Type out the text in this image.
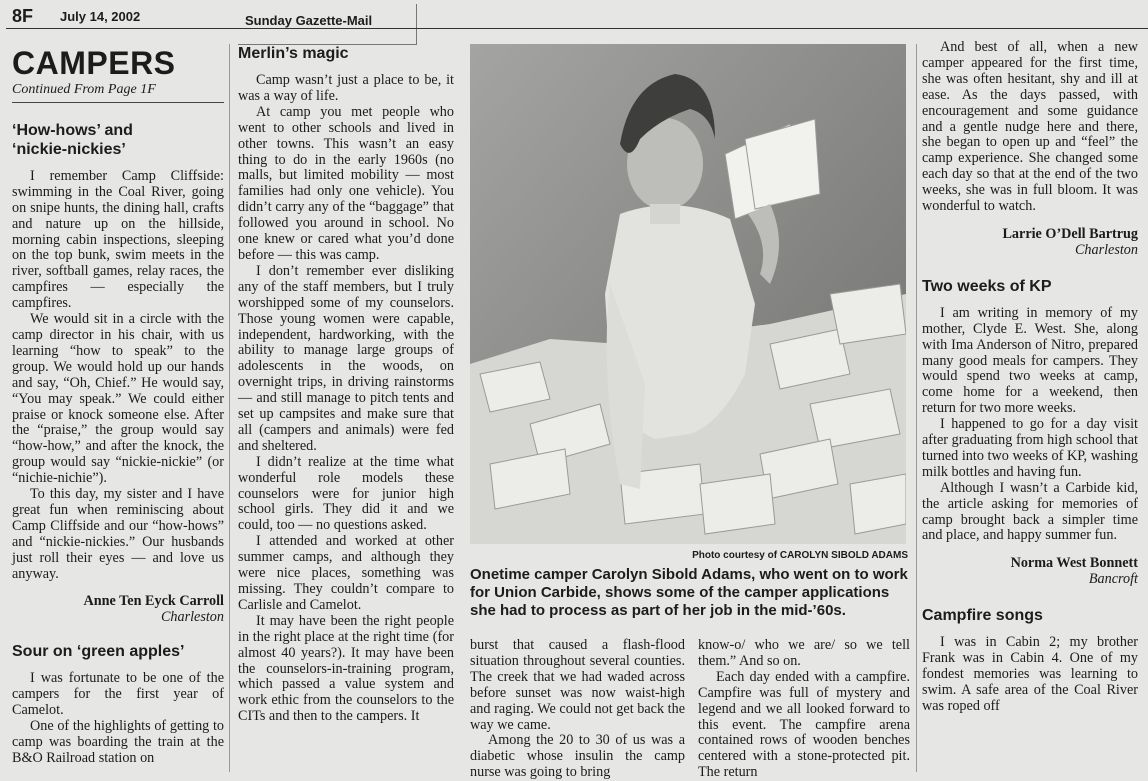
8F July 14, 2002	Sunday Gazette-Mail
CAMPERS
Continued From Page 1F
‘How-hows’ and
‘nickie-nickies’

I remember Camp Cliffside: swimming in the Coal River, going on snipe hunts, the dining hall, crafts and nature up on the hillside, morning cabin inspections, sleeping on the top bunk, swim meets in the river, softball games, relay races, the campfires — especially the campfires.

We would sit in a circle with the camp director in his chair, with us learning “how to speak” to the group. We would hold up our hands and say, “Oh, Chief.” He would say, “You may speak.” We could either praise or knock someone else. After the “praise,” the group would say “how-how,” and after the knock, the group would say “nickie-nickie” (or “nichie-nichie”).

To this day, my sister and I have great fun when reminiscing about Camp Cliffside and our “how-hows” and “nickie-nickies.” Our husbands just roll their eyes — and love us anyway.

Anne Ten Eyck Carroll

Charleston

Sour on ‘green apples’

I was fortunate to be one of the campers for the first year of Camelot.

One of the highlights of getting to camp was boarding the train at the B&O Railroad station on

Merlin’s magic

Camp wasn’t just a place to be, it was a way of life.

At camp you met people who went to other schools and lived in other towns. This wasn’t an easy thing to do in the early 1960s (no malls, but limited mobility — most families had only one vehicle). You didn’t carry any of the “baggage” that followed you around in school. No one knew or cared what you’d done before — this was camp.

I don’t remember ever disliking any of the staff members, but I truly worshipped some of my counselors. Those young women were capable, independent, hardworking, with the ability to manage large groups of adolescents in the woods, on overnight trips, in driving rainstorms — and still manage to pitch tents and set up campsites and make sure that all (campers and animals) were fed and sheltered.

I didn’t realize at the time what wonderful role models these counselors were for junior high school girls. They did it and we could, too — no questions asked.

I attended and worked at other summer camps, and although they were nice places, something was missing. They couldn’t compare to Carlisle and Camelot.

It may have been the right people in the right place at the right time (for almost 40 years?). It may have been the counselors-in-training program, which passed a value system and work ethic from the counselors to the CITs and then to the campers. It

Photo courtesy of CAROLYN SIBOLD ADAMS
Onetime camper Carolyn Sibold Adams, who went on to work for Union Carbide, shows some of the camper applications she had to process as part of her job in the mid-’60s.

burst that caused a flash-flood situation throughout several counties. The creek that we had waded across before sunset was now waist-high and raging. We could not get back the way we came.

Among the 20 to 30 of us was a diabetic whose insulin the camp nurse was going to bring

know-o/ who we are/ so we tell them.” And so on.

Each day ended with a campfire. Campfire was full of mystery and legend and we all looked forward to this event. The campfire arena contained rows of wooden benches centered with a stone-protected pit. The return

And best of all, when a new camper appeared for the first time, she was often hesitant, shy and ill at ease. As the days passed, with encouragement and some guidance and a gentle nudge here and there, she began to open up and “feel” the camp experience. She changed some each day so that at the end of the two weeks, she was in full bloom. It was wonderful to watch.

Larrie O’Dell Bartrug

Charleston

Two weeks of KP

I am writing in memory of my mother, Clyde E. West. She, along with Ima Anderson of Nitro, prepared many good meals for campers. They would spend two weeks at camp, come home for a weekend, then return for two more weeks.

I happened to go for a day visit after graduating from high school that turned into two weeks of KP, washing milk bottles and having fun.

Although I wasn’t a Carbide kid, the article asking for memories of camp brought back a simpler time and place, and happy summer fun.

Norma West Bonnett

Bancroft

Campfire songs

I was in Cabin 2; my brother Frank was in Cabin 4. One of my fondest memories was learning to swim. A safe area of the Coal River was roped off
